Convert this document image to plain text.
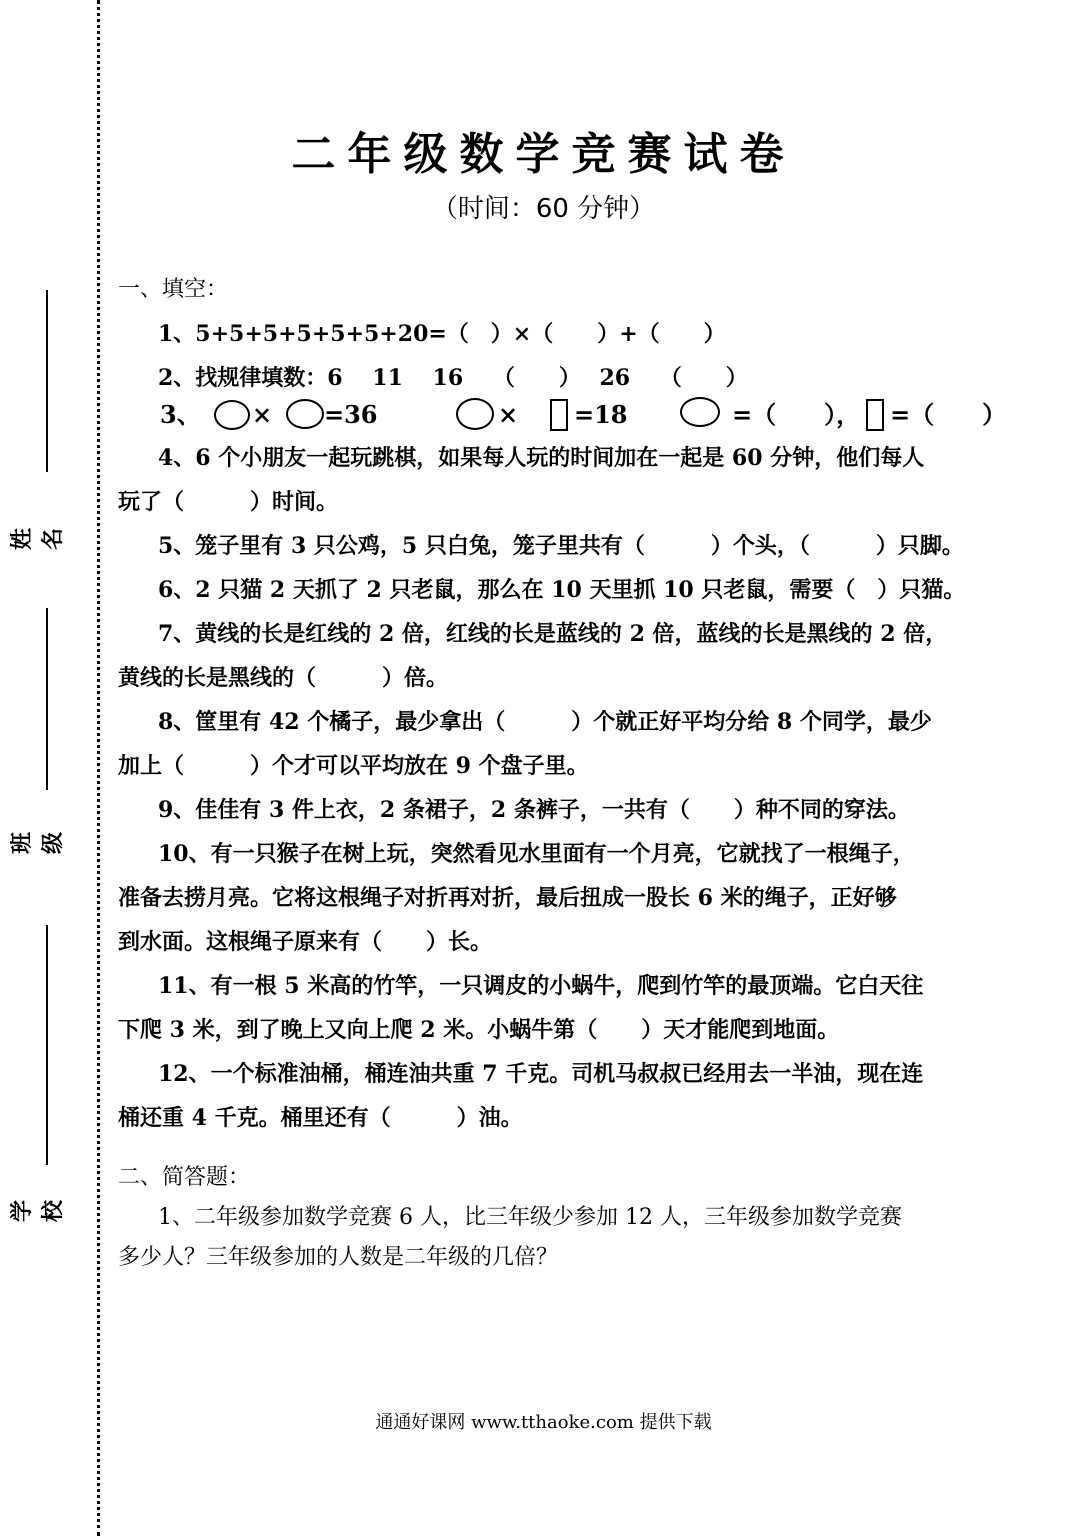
姓名
班级
学校
二年级数学竞赛试卷
（时间：60 分钟）
一、填空：
1、5+5+5+5+5+5+20=（　）×（　　）+（　　）
2、找规律填数：6　 11　 16　 （　　）　 26　 （　　）
3、 × =36	× =18	=（　　）， =（　　）
4、6 个小朋友一起玩跳棋，如果每人玩的时间加在一起是 60 分钟，他们每人
玩了（　　　）时间。
5、笼子里有 3 只公鸡，5 只白兔，笼子里共有（　　　）个头，（　　　）只脚。
6、2 只猫 2 天抓了 2 只老鼠，那么在 10 天里抓 10 只老鼠，需要（　）只猫。
7、黄线的长是红线的 2 倍，红线的长是蓝线的 2 倍，蓝线的长是黑线的 2 倍，
黄线的长是黑线的（　　　）倍。
8、筐里有 42 个橘子，最少拿出（　　　）个就正好平均分给 8 个同学，最少
加上（　　　）个才可以平均放在 9 个盘子里。
9、佳佳有 3 件上衣，2 条裙子，2 条裤子，一共有（　　）种不同的穿法。
10、有一只猴子在树上玩，突然看见水里面有一个月亮，它就找了一根绳子，
准备去捞月亮。它将这根绳子对折再对折，最后扭成一股长 6 米的绳子，正好够
到水面。这根绳子原来有（　　）长。
11、有一根 5 米高的竹竿，一只调皮的小蜗牛，爬到竹竿的最顶端。它白天往
下爬 3 米，到了晚上又向上爬 2 米。小蜗牛第（　　）天才能爬到地面。
12、一个标准油桶，桶连油共重 7 千克。司机马叔叔已经用去一半油，现在连
桶还重 4 千克。桶里还有（　　　）油。
二、简答题：
1、二年级参加数学竞赛 6 人，比三年级少参加 12 人，三年级参加数学竞赛
多少人？三年级参加的人数是二年级的几倍？
通通好课网 www.tthaoke.com 提供下载
